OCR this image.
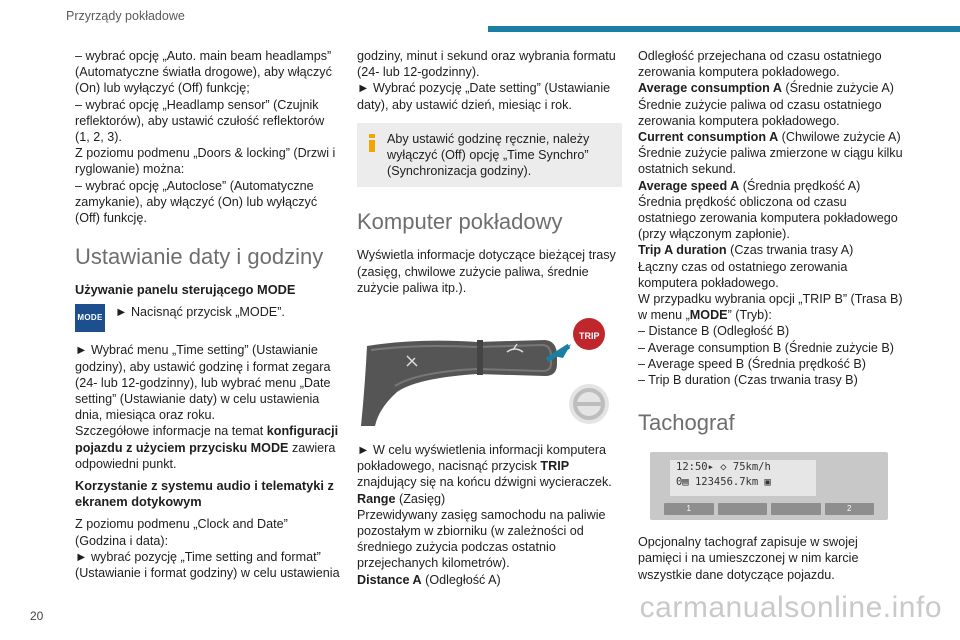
Przyrządy pokładowe

– wybrać opcję „Auto. main beam headlamps” (Automatyczne światła drogowe), aby włączyć (On) lub wyłączyć (Off) funkcję;

– wybrać opcję „Headlamp sensor” (Czujnik reflektorów), aby ustawić czułość reflektorów (1, 2, 3).

Z poziomu podmenu „Doors & locking” (Drzwi i ryglowanie) można:

– wybrać opcję „Autoclose” (Automatyczne zamykanie), aby włączyć (On) lub wyłączyć (Off) funkcję.

Ustawianie daty i godziny

Używanie panelu sterującego MODE

MODE ► Nacisnąć przycisk „MODE”.

► Wybrać menu „Time setting” (Ustawianie godziny), aby ustawić godzinę i format zegara (24- lub 12-godzinny), lub wybrać menu „Date setting” (Ustawianie daty) w celu ustawienia dnia, miesiąca oraz roku.

Szczegółowe informacje na temat konfiguracji pojazdu z użyciem przycisku MODE zawiera odpowiedni punkt.

Korzystanie z systemu audio i telematyki z ekranem dotykowym

Z poziomu podmenu „Clock and Date” (Godzina i data):

► wybrać pozycję „Time setting and format” (Ustawianie i format godziny) w celu ustawienia

godziny, minut i sekund oraz wybrania formatu (24- lub 12-godzinny).

► Wybrać pozycję „Date setting” (Ustawianie daty), aby ustawić dzień, miesiąc i rok.

Aby ustawić godzinę ręcznie, należy wyłączyć (Off) opcję „Time Synchro” (Synchronizacja godziny).

Komputer pokładowy

Wyświetla informacje dotyczące bieżącej trasy (zasięg, chwilowe zużycie paliwa, średnie zużycie paliwa itp.).

TRIP

► W celu wyświetlenia informacji komputera pokładowego, nacisnąć przycisk TRIP znajdujący się na końcu dźwigni wycieraczek.

Range (Zasięg)

Przewidywany zasięg samochodu na paliwie pozostałym w zbiorniku (w zależności od średniego zużycia podczas ostatnio przejechanych kilometrów).

Distance A (Odległość A)

Odległość przejechana od czasu ostatniego zerowania komputera pokładowego.

Average consumption A (Średnie zużycie A)

Średnie zużycie paliwa od czasu ostatniego zerowania komputera pokładowego.

Current consumption A (Chwilowe zużycie A)

Średnie zużycie paliwa zmierzone w ciągu kilku ostatnich sekund.

Average speed A (Średnia prędkość A)

Średnia prędkość obliczona od czasu ostatniego zerowania komputera pokładowego (przy włączonym zapłonie).

Trip A duration (Czas trwania trasy A)

Łączny czas od ostatniego zerowania komputera pokładowego.

W przypadku wybrania opcji „TRIP B” (Trasa B) w menu „MODE” (Tryb):

– Distance B (Odległość B)

– Average consumption B (Średnie zużycie B)

– Average speed B (Średnia prędkość B)

– Trip B duration (Czas trwania trasy B)

Tachograf
12:50▸ ◇ 75km/h
0▤ 123456.7km ▣
1	2

Opcjonalny tachograf zapisuje w swojej pamięci i na umieszczonej w nim karcie wszystkie dane dotyczące pojazdu.

20	carmanualsonline.info
